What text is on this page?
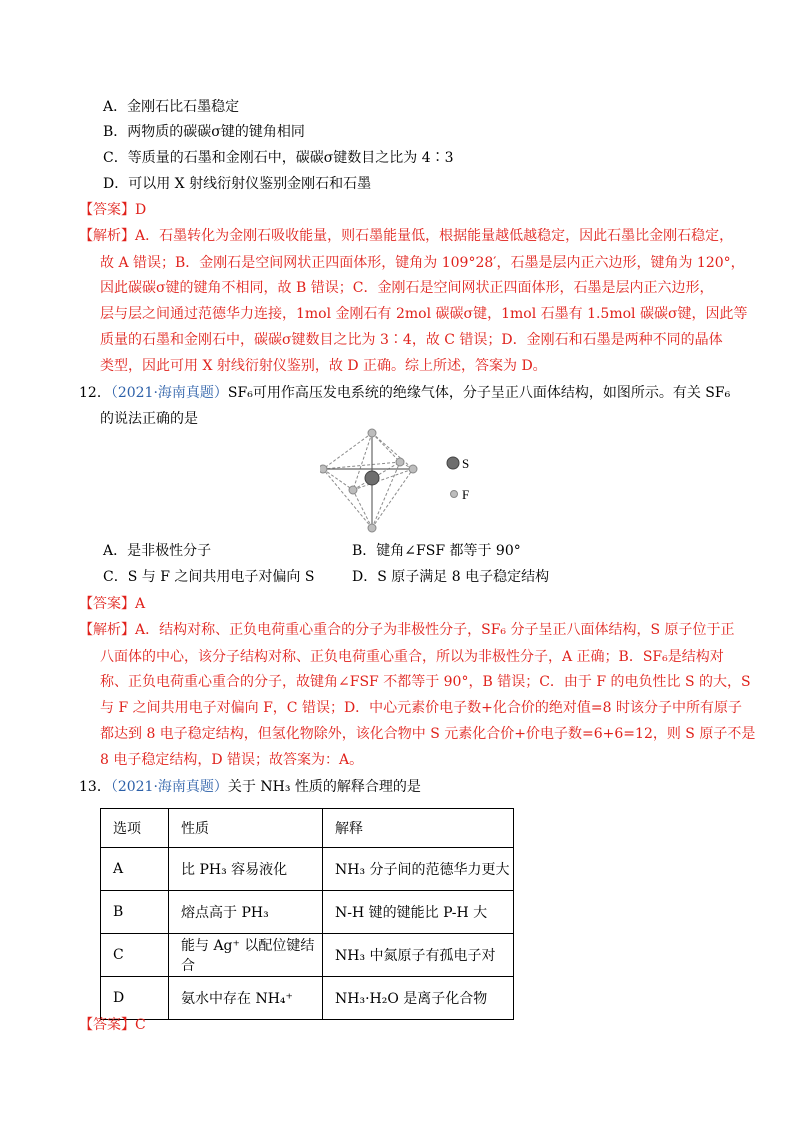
A．金刚石比石墨稳定
B．两物质的碳碳σ键的键角相同
C．等质量的石墨和金刚石中，碳碳σ键数目之比为 4∶3
D．可以用 X 射线衍射仪鉴别金刚石和石墨
【答案】D
【解析】A．石墨转化为金刚石吸收能量，则石墨能量低，根据能量越低越稳定，因此石墨比金刚石稳定，
故 A 错误；B．金刚石是空间网状正四面体形，键角为 109°28′，石墨是层内正六边形，键角为 120°，
因此碳碳σ键的键角不相同，故 B 错误；C．金刚石是空间网状正四面体形，石墨是层内正六边形，
层与层之间通过范德华力连接，1mol 金刚石有 2mol 碳碳σ键，1mol 石墨有 1.5mol 碳碳σ键，因此等
质量的石墨和金刚石中，碳碳σ键数目之比为 3∶4，故 C 错误；D．金刚石和石墨是两种不同的晶体
类型，因此可用 X 射线衍射仪鉴别，故 D 正确。综上所述，答案为 D。
12．（2021·海南真题）SF₆可用作高压发电系统的绝缘气体，分子呈正八面体结构，如图所示。有关 SF₆
的说法正确的是
S
F
A．是非极性分子	B．键角∠FSF 都等于 90°
C．S 与 F 之间共用电子对偏向 S	D．S 原子满足 8 电子稳定结构
【答案】A
【解析】A．结构对称、正负电荷重心重合的分子为非极性分子，SF₆ 分子呈正八面体结构，S 原子位于正
八面体的中心，该分子结构对称、正负电荷重心重合，所以为非极性分子，A 正确；B．SF₆是结构对
称、正负电荷重心重合的分子，故键角∠FSF 不都等于 90°，B 错误；C．由于 F 的电负性比 S 的大，S
与 F 之间共用电子对偏向 F，C 错误；D．中心元素价电子数+化合价的绝对值=8 时该分子中所有原子
都达到 8 电子稳定结构，但氢化物除外，该化合物中 S 元素化合价+价电子数=6+6=12，则 S 原子不是
8 电子稳定结构，D 错误；故答案为：A。
13．（2021·海南真题）关于 NH₃ 性质的解释合理的是
选项	性质	解释
A	比 PH₃ 容易液化	NH₃ 分子间的范德华力更大
B	熔点高于 PH₃	N-H 键的键能比 P-H 大
C	能与 Ag⁺ 以配位键结合	NH₃ 中氮原子有孤电子对
D	氨水中存在 NH₄⁺	NH₃·H₂O 是离子化合物
【答案】C
